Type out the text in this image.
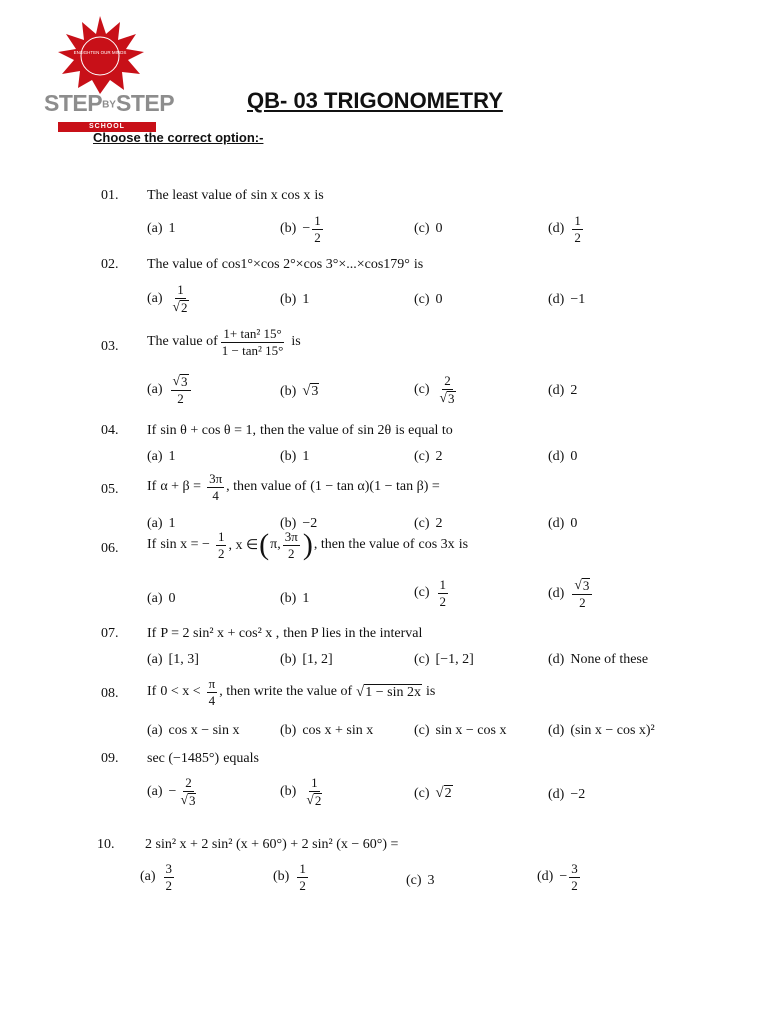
ENLIGHTEN OUR MINDS
STEPBYSTEP
SCHOOL
QB- 03 TRIGONOMETRY
Choose the correct option:-
01. The least value of sin x cos x is
(a) 1	$(b) - \frac{1}{2}$	(c) 0	$(d) \frac{1}{2}$
02. The value of cos1°×cos 2°×cos 3°×...×cos179° is
$(a) \frac{1}{√ 2}$	(b) 1	(c) 0	(d) −1
03. The value of $\frac{\text{1+ tan² 15°}}{\text{1 − tan² 15°}}$ is
$(a) \frac{√ 3}{2}$	(b) √ 3	$(c) \frac{2}{√ 3}$	(d) 2
04. If sin θ + cos θ = 1, then the value of sin 2θ is equal to
(a) 1	(b) 1	(c) 2	(d) 0
05. If $\alpha + \beta = \frac{3\pi}{4}$ , then value of (1 − tan α)(1 − tan β) =
(a) 1	(b) −2	(c) 2	(d) 0
06. If sin x = − $\frac{1}{2}$ , x ∈ ( π, $\frac{3\pi}{2}$ ) , then the value of cos 3x is
(a) 0	(b) 1	$(c) \frac{1}{2}$	$(d) \frac{√ 3}{2}$
07. If P = 2 sin² x + cos² x , then P lies in the interval
(a) [1, 3]	(b) [1, 2]	(c) [−1, 2]	(d) None of these
08. If $0 < x < \frac{\pi}{4}$ , then write the value of √ 1 − sin 2x is
(a) cos x − sin x	(b) cos x + sin x	(c) sin x − cos x	(d) (sin x − cos x)²
09. sec (−1485°) equals
$(a) - \frac{2}{√ 3}$	$(b) \frac{1}{√ 2}$	(c) √ 2	(d) −2
10. 2 sin² x + 2 sin² (x + 60°) + 2 sin² (x − 60°) =
$(a) \frac{3}{2}$	$(b) \frac{1}{2}$	(c) 3	$(d) - \frac{3}{2}$
